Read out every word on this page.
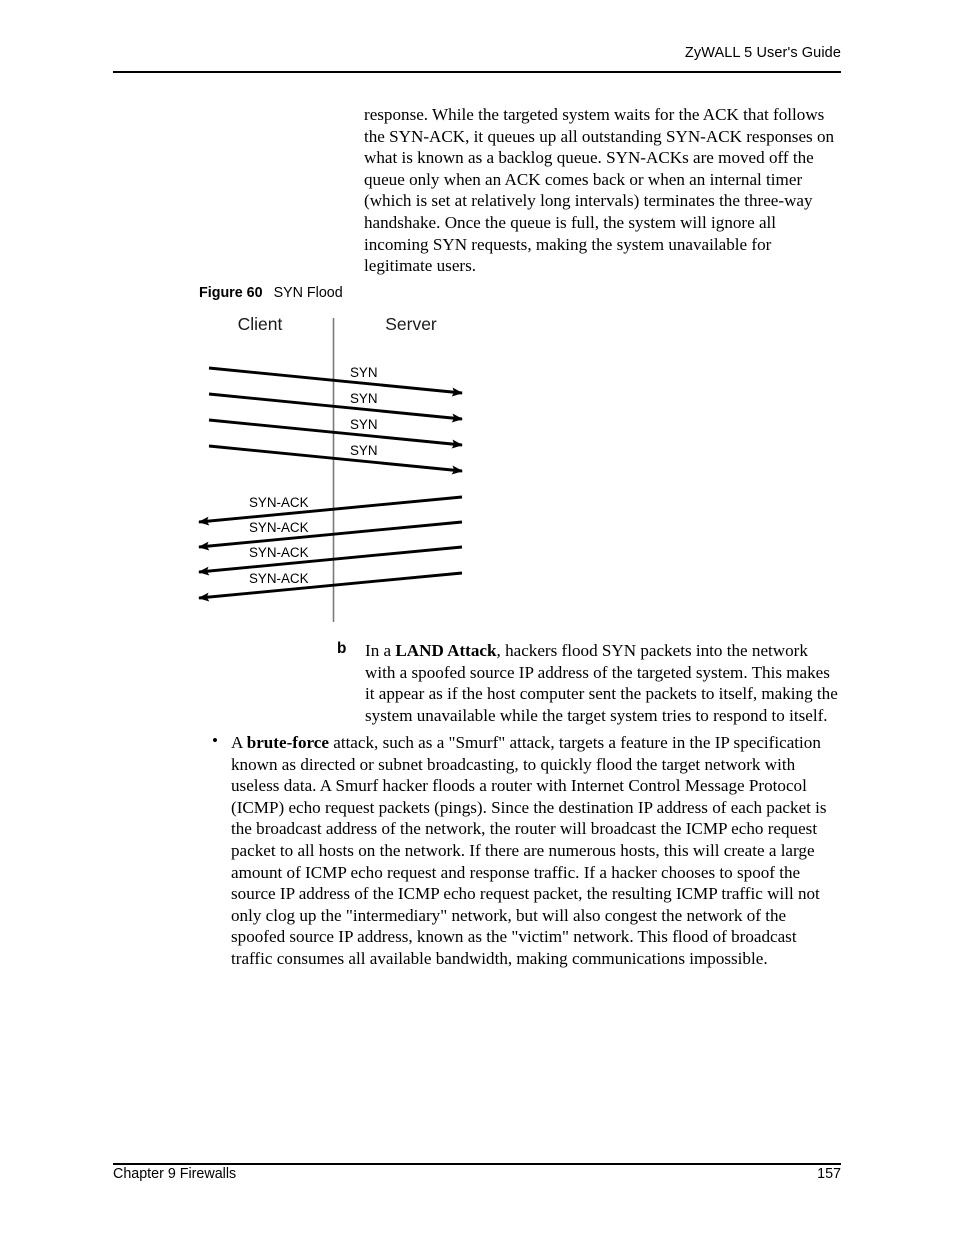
ZyWALL 5 User's Guide
response. While the targeted system waits for the ACK that follows the SYN-ACK, it queues up all outstanding SYN-ACK responses on what is known as a backlog queue. SYN-ACKs are moved off the queue only when an ACK comes back or when an internal timer (which is set at relatively long intervals) terminates the three-way handshake. Once the queue is full, the system will ignore all incoming SYN requests, making the system unavailable for legitimate users.
Figure 60 SYN Flood
Client	Server
SYN
SYN
SYN
SYN
SYN-ACK
SYN-ACK
SYN-ACK
SYN-ACK
b In a LAND Attack, hackers flood SYN packets into the network with a spoofed source IP address of the targeted system. This makes it appear as if the host computer sent the packets to itself, making the system unavailable while the target system tries to respond to itself.
• A brute-force attack, such as a "Smurf" attack, targets a feature in the IP specification known as directed or subnet broadcasting, to quickly flood the target network with useless data. A Smurf hacker floods a router with Internet Control Message Protocol (ICMP) echo request packets (pings). Since the destination IP address of each packet is the broadcast address of the network, the router will broadcast the ICMP echo request packet to all hosts on the network. If there are numerous hosts, this will create a large amount of ICMP echo request and response traffic. If a hacker chooses to spoof the source IP address of the ICMP echo request packet, the resulting ICMP traffic will not only clog up the "intermediary" network, but will also congest the network of the spoofed source IP address, known as the "victim" network. This flood of broadcast traffic consumes all available bandwidth, making communications impossible.
Chapter 9 Firewalls	157
